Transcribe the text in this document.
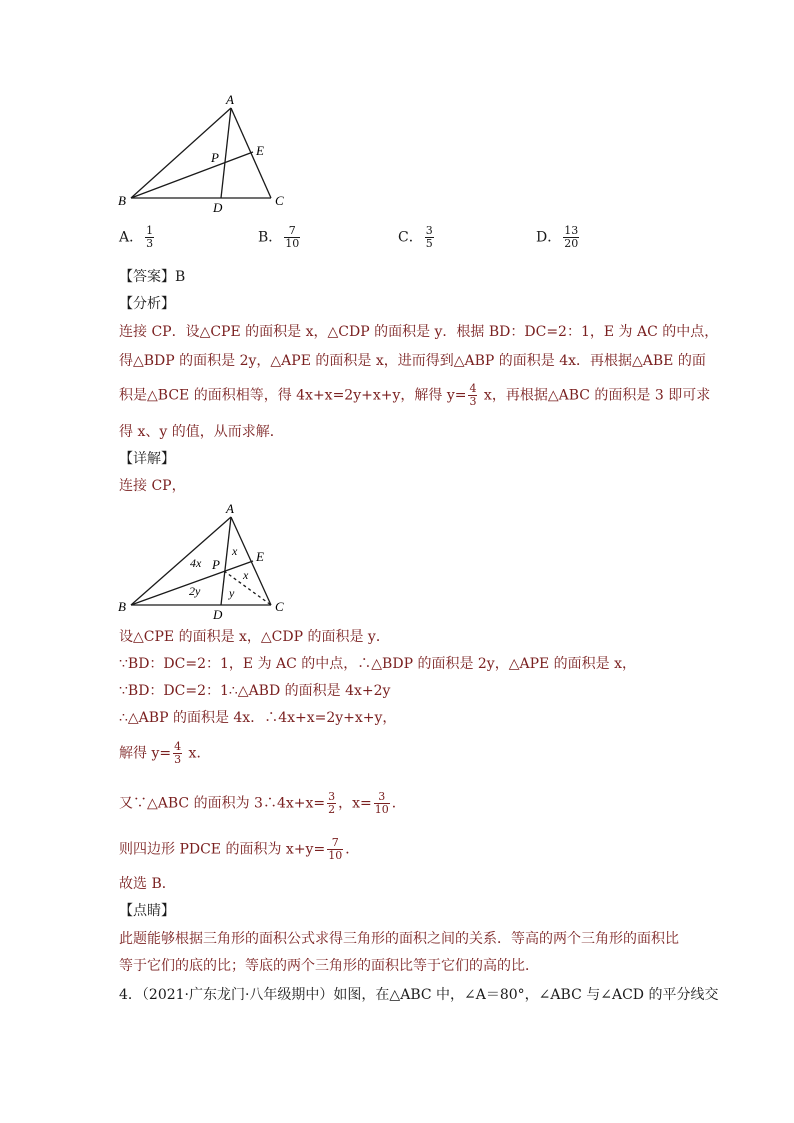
A
B	C
D
E
P
A． $\frac{1}{3}$	B． $\frac{7}{10}$	C． $\frac{3}{5}$	D． $\frac{13}{20}$
【答案】B
【分析】
连接 CP．设△CPE 的面积是 x，△CDP 的面积是 y．根据 BD：DC=2：1，E 为 AC 的中点，
得△BDP 的面积是 2y，△APE 的面积是 x，进而得到△ABP 的面积是 4x．再根据△ABE 的面
积是△BCE 的面积相等，得 4x+x=2y+x+y，解得 $y= \frac{4}{3}$ x，再根据△ABC 的面积是 3 即可求
得 x、y 的值，从而求解．
【详解】
连接 CP，
A
B	C
D
E
P
4x
x
x
2y y
设△CPE 的面积是 x，△CDP 的面积是 y．
∵BD：DC=2：1，E 为 AC 的中点，∴△BDP 的面积是 2y，△APE 的面积是 x，
∵BD：DC=2：1∴△ABD 的面积是 4x+2y
∴△ABP 的面积是 4x．∴4x+x=2y+x+y，
解得 $y= \frac{4}{3}$ x．
又∵△ABC 的面积为 3∴4x+x= $\frac{3}{2}$ ，$x= \frac{3}{10}$ ．
则四边形 PDCE 的面积为 $x+y= \frac{7}{10}$ ．
故选 B．
【点睛】
此题能够根据三角形的面积公式求得三角形的面积之间的关系．等高的两个三角形的面积比
等于它们的底的比；等底的两个三角形的面积比等于它们的高的比．
4．（2021·广东龙门·八年级期中）如图，在△ABC 中，∠A＝80°，∠ABC 与∠ACD 的平分线交
